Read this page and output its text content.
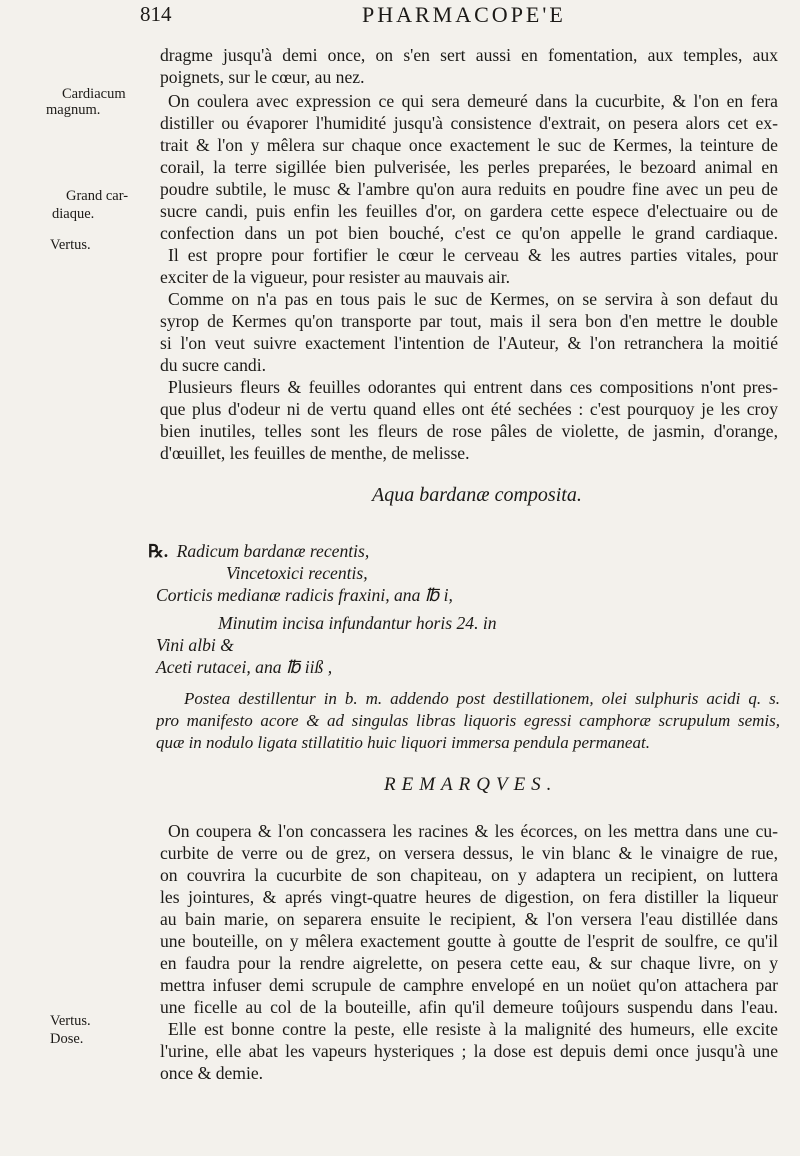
814	PHARMACOPE'E
Cardiacum
magnum.
Grand car-
diaque.
Vertus.
Vertus.
Dose.
dragme jusqu'à demi once, on s'en sert aussi en fomentation, aux temples, aux
poignets, sur le cœur, au nez.
On coulera avec expression ce qui sera demeuré dans la cucurbite, & l'on en fera
distiller ou évaporer l'humidité jusqu'à consistence d'extrait, on pesera alors cet ex-
trait & l'on y mêlera sur chaque once exactement le suc de Kermes, la teinture de
corail, la terre sigillée bien pulverisée, les perles preparées, le bezoard animal en
poudre subtile, le musc & l'ambre qu'on aura reduits en poudre fine avec un peu de
sucre candi, puis enfin les feuilles d'or, on gardera cette espece d'electuaire ou de
confection dans un pot bien bouché, c'est ce qu'on appelle le grand cardiaque.
Il est propre pour fortifier le cœur le cerveau & les autres parties vitales, pour
exciter de la vigueur, pour resister au mauvais air.
Comme on n'a pas en tous pais le suc de Kermes, on se servira à son defaut du
syrop de Kermes qu'on transporte par tout, mais il sera bon d'en mettre le double
si l'on veut suivre exactement l'intention de l'Auteur, & l'on retranchera la moitié
du sucre candi.
Plusieurs fleurs & feuilles odorantes qui entrent dans ces compositions n'ont pres-
que plus d'odeur ni de vertu quand elles ont été sechées : c'est pourquoy je les croy
bien inutiles, telles sont les fleurs de rose pâles de violette, de jasmin, d'orange,
d'œuillet, les feuilles de menthe, de melisse.
Aqua bardanæ composita.
℞. Radicum bardanæ recentis,
Vincetoxici recentis,
Corticis medianæ radicis fraxini, ana ℔ i,
Minutim incisa infundantur horis 24. in
Vini albi &
Aceti rutacei, ana ℔ iiß ,
Postea destillentur in b. m. addendo post destillationem, olei sulphuris acidi q. s.
pro manifesto acore & ad singulas libras liquoris egressi camphoræ scrupulum semis,
quæ in nodulo ligata stillatitio huic liquori immersa pendula permaneat.
REMARQVES.
On coupera & l'on concassera les racines & les écorces, on les mettra dans une cu-
curbite de verre ou de grez, on versera dessus, le vin blanc & le vinaigre de rue,
on couvrira la cucurbite de son chapiteau, on y adaptera un recipient, on luttera
les jointures, & aprés vingt-quatre heures de digestion, on fera distiller la liqueur
au bain marie, on separera ensuite le recipient, & l'on versera l'eau distillée dans
une bouteille, on y mêlera exactement goutte à goutte de l'esprit de soulfre, ce qu'il
en faudra pour la rendre aigrelette, on pesera cette eau, & sur chaque livre, on y
mettra infuser demi scrupule de camphre envelopé en un noüet qu'on attachera par
une ficelle au col de la bouteille, afin qu'il demeure toûjours suspendu dans l'eau.
Elle est bonne contre la peste, elle resiste à la malignité des humeurs, elle excite
l'urine, elle abat les vapeurs hysteriques ; la dose est depuis demi once jusqu'à une
once & demie.
